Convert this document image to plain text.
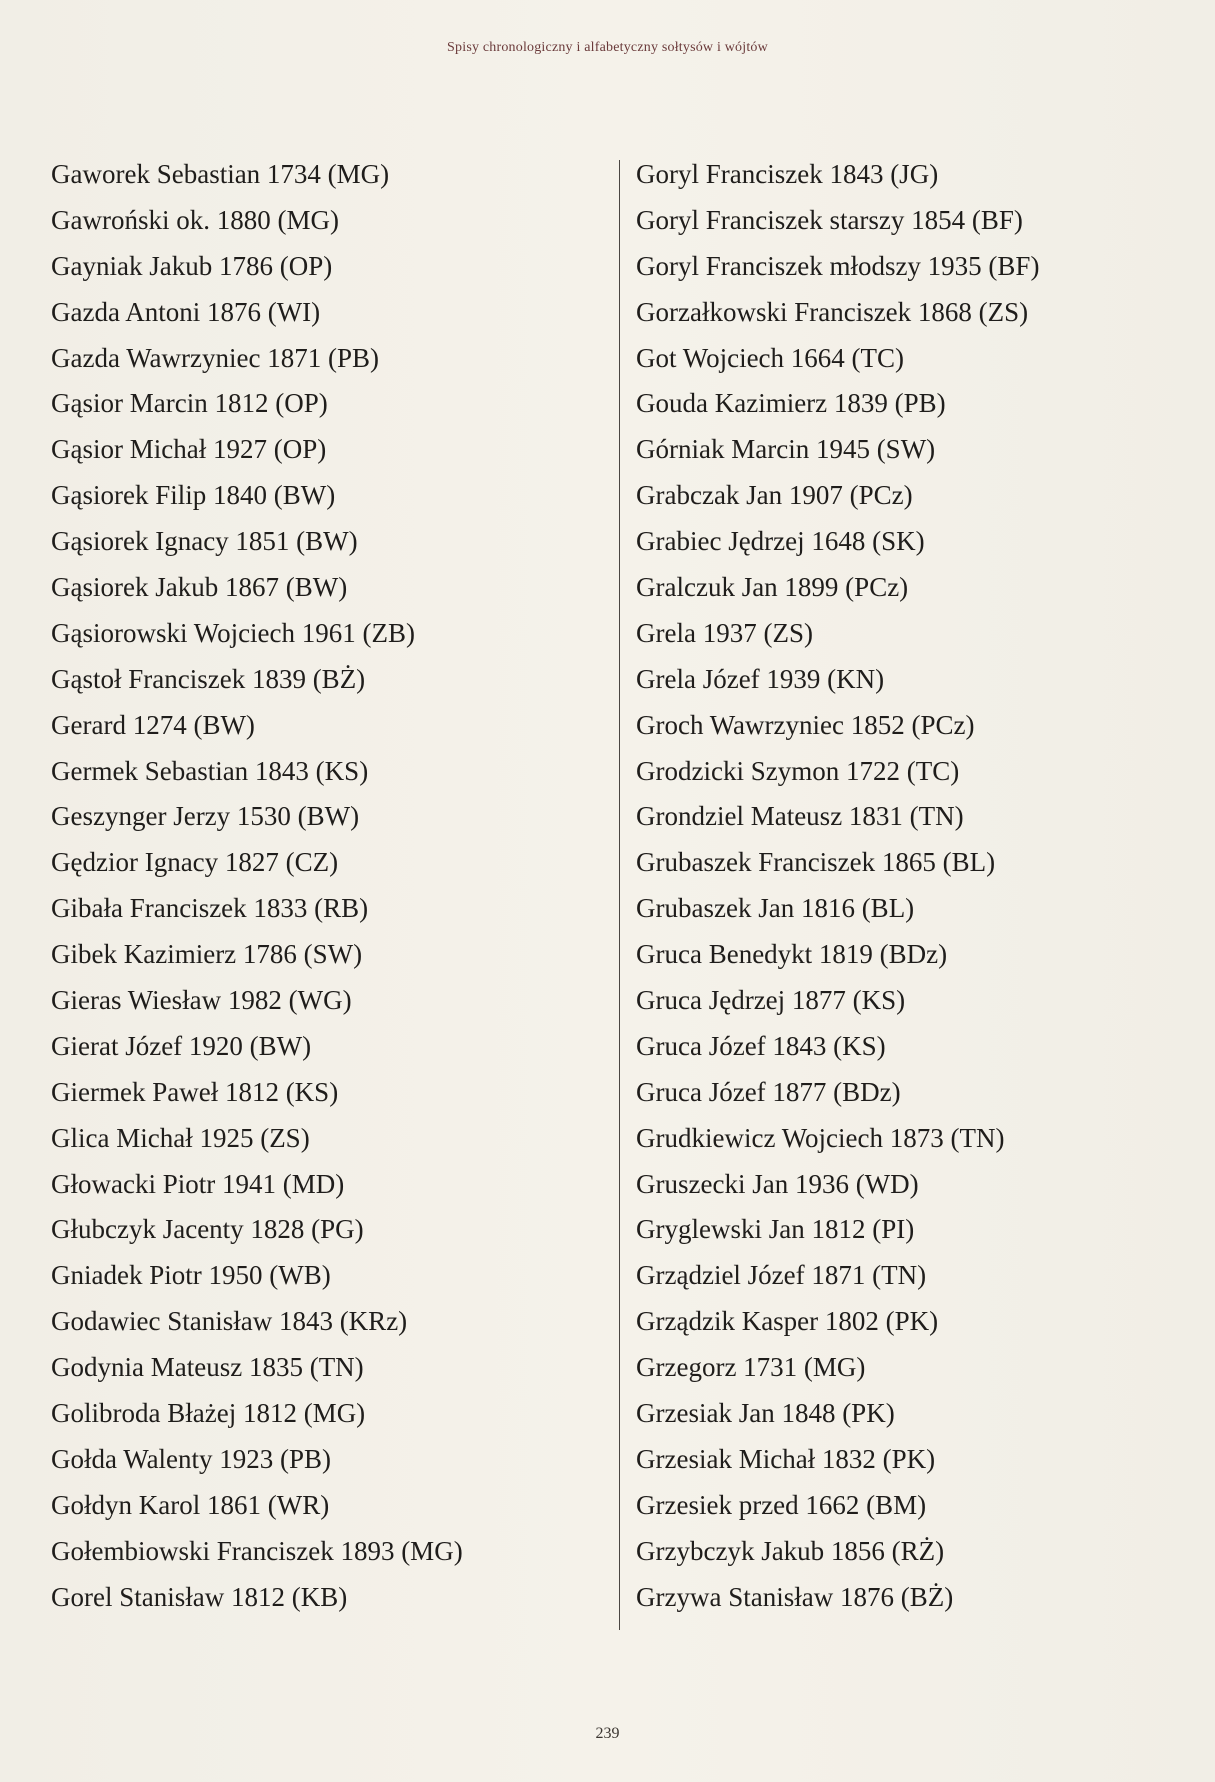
Spisy chronologiczny i alfabetyczny sołtysów i wójtów
Gaworek Sebastian 1734 (MG)
Gawroński ok. 1880 (MG)
Gayniak Jakub 1786 (OP)
Gazda Antoni 1876 (WI)
Gazda Wawrzyniec 1871 (PB)
Gąsior Marcin 1812 (OP)
Gąsior Michał 1927 (OP)
Gąsiorek Filip 1840 (BW)
Gąsiorek Ignacy 1851 (BW)
Gąsiorek Jakub 1867 (BW)
Gąsiorowski Wojciech 1961 (ZB)
Gąstoł Franciszek 1839 (BŻ)
Gerard 1274 (BW)
Germek Sebastian 1843 (KS)
Geszynger Jerzy 1530 (BW)
Gędzior Ignacy 1827 (CZ)
Gibała Franciszek 1833 (RB)
Gibek Kazimierz 1786 (SW)
Gieras Wiesław 1982 (WG)
Gierat Józef 1920 (BW)
Giermek Paweł 1812 (KS)
Glica Michał 1925 (ZS)
Głowacki Piotr 1941 (MD)
Głubczyk Jacenty 1828 (PG)
Gniadek Piotr 1950 (WB)
Godawiec Stanisław 1843 (KRz)
Godynia Mateusz 1835 (TN)
Golibroda Błażej 1812 (MG)
Gołda Walenty 1923 (PB)
Gołdyn Karol 1861 (WR)
Gołembiowski Franciszek 1893 (MG)
Gorel Stanisław 1812 (KB)
Goryl Franciszek 1843 (JG)
Goryl Franciszek starszy 1854 (BF)
Goryl Franciszek młodszy 1935 (BF)
Gorzałkowski Franciszek 1868 (ZS)
Got Wojciech 1664 (TC)
Gouda Kazimierz 1839 (PB)
Górniak Marcin 1945 (SW)
Grabczak Jan 1907 (PCz)
Grabiec Jędrzej 1648 (SK)
Gralczuk Jan 1899 (PCz)
Grela 1937 (ZS)
Grela Józef 1939 (KN)
Groch Wawrzyniec 1852 (PCz)
Grodzicki Szymon 1722 (TC)
Grondziel Mateusz 1831 (TN)
Grubaszek Franciszek 1865 (BL)
Grubaszek Jan 1816 (BL)
Gruca Benedykt 1819 (BDz)
Gruca Jędrzej 1877 (KS)
Gruca Józef 1843 (KS)
Gruca Józef 1877 (BDz)
Grudkiewicz Wojciech 1873 (TN)
Gruszecki Jan 1936 (WD)
Gryglewski Jan 1812 (PI)
Grządziel Józef 1871 (TN)
Grządzik Kasper 1802 (PK)
Grzegorz 1731 (MG)
Grzesiak Jan 1848 (PK)
Grzesiak Michał 1832 (PK)
Grzesiek przed 1662 (BM)
Grzybczyk Jakub 1856 (RŻ)
Grzywa Stanisław 1876 (BŻ)
239
